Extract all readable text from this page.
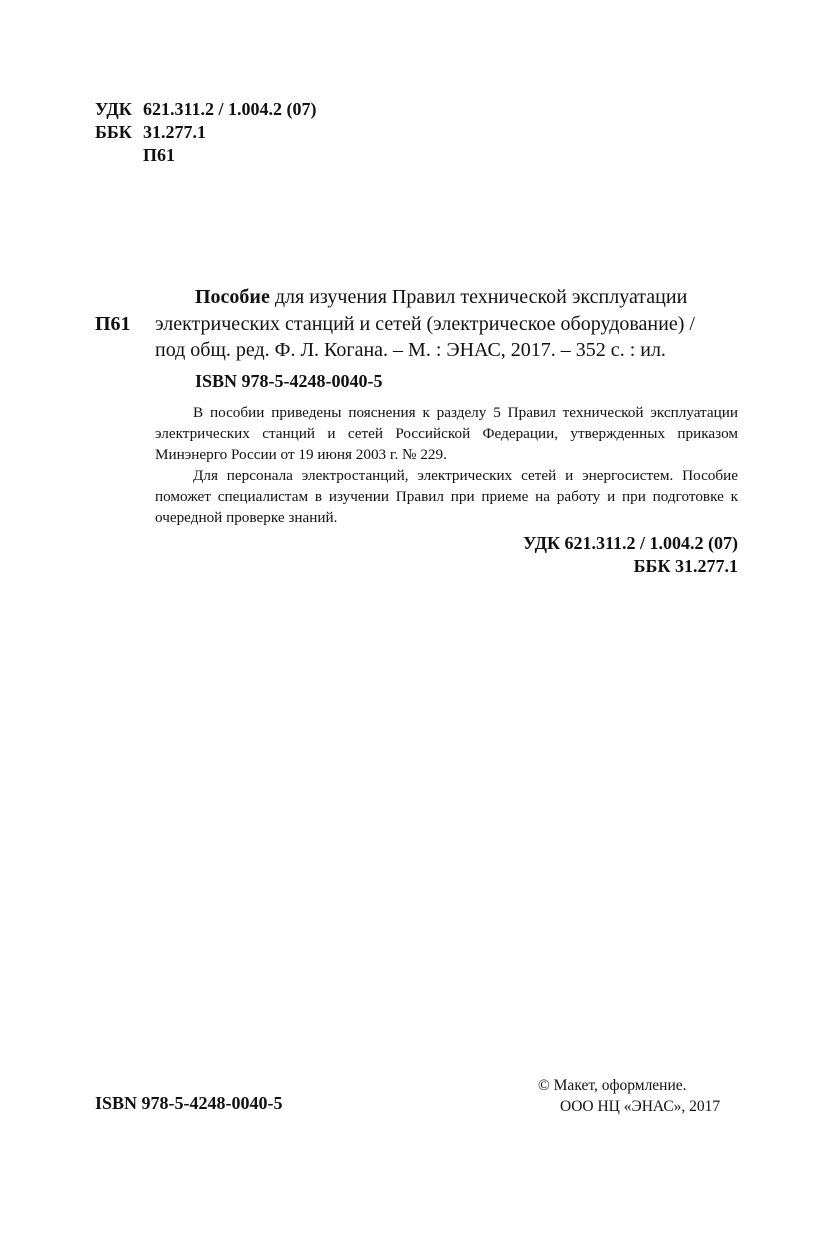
УДК 621.311.2 / 1.004.2 (07)
ББК 31.277.1
П61
Пособие для изучения Правил технической эксплуатации
П61 электрических станций и сетей (электрическое оборудование) /
под общ. ред. Ф. Л. Когана. – М. : ЭНАС, 2017. – 352 с. : ил.
ISBN 978-5-4248-0040-5

В пособии приведены пояснения к разделу 5 Правил технической эксплуатации электрических станций и сетей Российской Федерации, утвержденных приказом Минэнерго России от 19 июня 2003 г. № 229.

Для персонала электростанций, электрических сетей и энергосистем. Пособие поможет специалистам в изучении Правил при приеме на работу и при подготовке к очередной проверке знаний.

УДК 621.311.2 / 1.004.2 (07)
ББК 31.277.1
ISBN 978-5-4248-0040-5
© Макет, оформление.
ООО НЦ «ЭНАС», 2017
